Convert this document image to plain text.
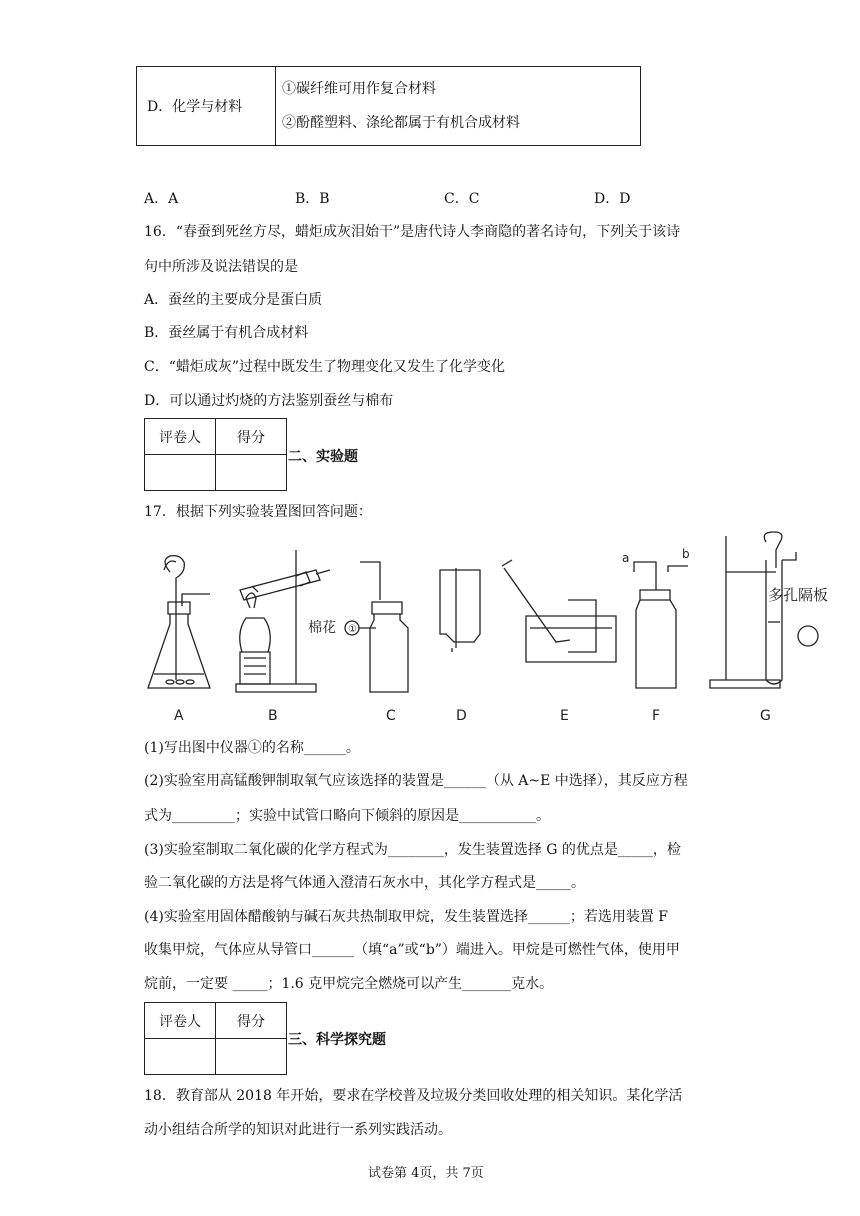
D．化学与材料	
①碳纤维可用作复合材料
②酚醛塑料、涤纶都属于有机合成材料
A．A	B．B	C．C	D．D
16．“春蚕到死丝方尽，蜡炬成灰泪始干”是唐代诗人李商隐的著名诗句，下列关于该诗
句中所涉及说法错误的是
A．蚕丝的主要成分是蛋白质
B．蚕丝属于有机合成材料
C．“蜡炬成灰”过程中既发生了物理变化又发生了化学变化
D．可以通过灼烧的方法鉴别蚕丝与棉布
评卷人	得分

二、实验题
17．根据下列实验装置图回答问题：
A
棉花
B
①
C	D	E
a	b
F
多孔隔板
G
(1)写出图中仪器①的名称______。
(2)实验室用高锰酸钾制取氧气应该选择的装置是______（从 A~E 中选择），其反应方程
式为_________；实验中试管口略向下倾斜的原因是___________。
(3)实验室制取二氧化碳的化学方程式为________，发生装置选择 G 的优点是_____，检
验二氧化碳的方法是将气体通入澄清石灰水中，其化学方程式是_____。
(4)实验室用固体醋酸钠与碱石灰共热制取甲烷，发生装置选择______；若选用装置 F
收集甲烷，气体应从导管口______（填“a”或“b”）端进入。甲烷是可燃性气体，使用甲
烷前，一定要 _____；1.6 克甲烷完全燃烧可以产生_______克水。
评卷人	得分

三、科学探究题
18．教育部从 2018 年开始，要求在学校普及垃圾分类回收处理的相关知识。某化学活
动小组结合所学的知识对此进行一系列实践活动。
试卷第 4页，共 7页
